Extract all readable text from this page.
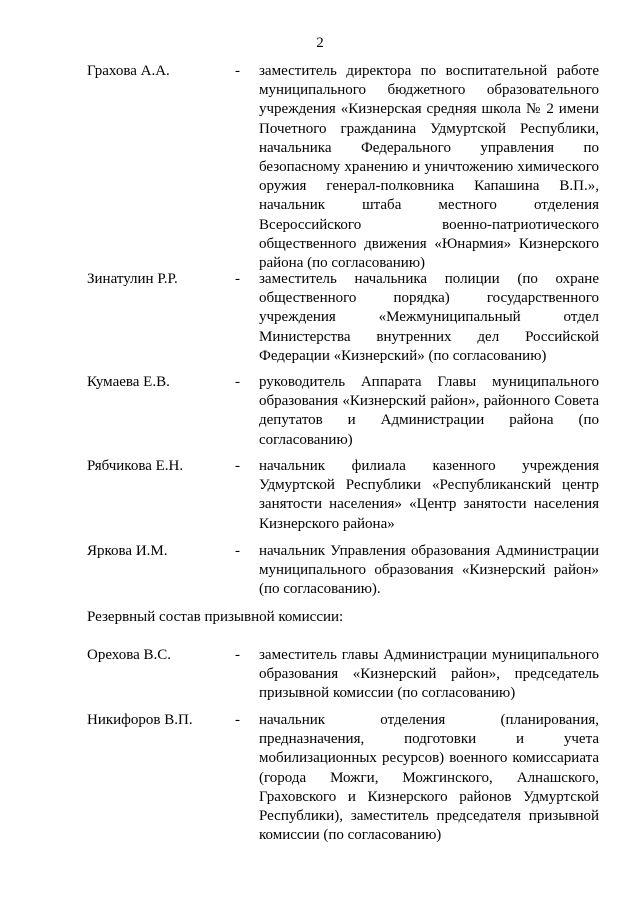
2
Грахова А.А.	- заместитель директора по воспитательной работе муниципального бюджетного образовательного учреждения «Кизнерская средняя школа № 2 имени Почетного гражданина Удмуртской Республики, начальника Федерального управления по безопасному хранению и уничтожению химического оружия генерал-полковника Капашина В.П.», начальник штаба местного отделения Всероссийского военно-патриотического общественного движения «Юнармия» Кизнерского района (по согласованию)
Зинатулин Р.Р.	- заместитель начальника полиции (по охране общественного порядка) государственного учреждения «Межмуниципальный отдел Министерства внутренних дел Российской Федерации «Кизнерский» (по согласованию)
Кумаева Е.В.	- руководитель Аппарата Главы муниципального образования «Кизнерский район», районного Совета депутатов и Администрации района (по согласованию)
Рябчикова Е.Н.	- начальник филиала казенного учреждения Удмуртской Республики «Республиканский центр занятости населения» «Центр занятости населения Кизнерского района»
Яркова И.М.	- начальник Управления образования Администрации муниципального образования «Кизнерский район» (по согласованию).
Резервный состав призывной комиссии:
Орехова В.С.	- заместитель главы Администрации муниципального образования «Кизнерский район», председатель призывной комиссии (по согласованию)
Никифоров В.П.	- начальник отделения (планирования, предназначения, подготовки и учета мобилизационных ресурсов) военного комиссариата (города Можги, Можгинского, Алнашского, Граховского и Кизнерского районов Удмуртской Республики), заместитель председателя призывной комиссии (по согласованию)
